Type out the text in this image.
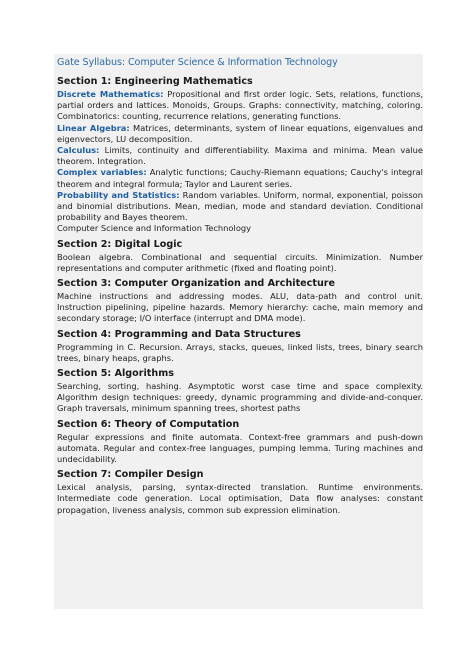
Gate Syllabus: Computer Science & Information Technology
Section 1: Engineering Mathematics
• Discrete Mathematics: Propositional and first order logic. Sets, relations, functions, partial orders and lattices. Monoids, Groups. Graphs: connectivity, matching, coloring. Combinatorics: counting, recurrence relations, generating functions.
• Linear Algebra: Matrices, determinants, system of linear equations, eigenvalues and eigenvectors, LU decomposition.
• Calculus: Limits, continuity and differentiability. Maxima and minima. Mean value theorem. Integration.
• Complex variables: Analytic functions; Cauchy-Riemann equations; Cauchy's integral theorem and integral formula; Taylor and Laurent series.
• Probability and Statistics: Random variables. Uniform, normal, exponential, poisson and binomial distributions. Mean, median, mode and standard deviation. Conditional probability and Bayes theorem.
• Computer Science and Information Technology
Section 2: Digital Logic
• Boolean algebra. Combinational and sequential circuits. Minimization. Number representations and computer arithmetic (fixed and floating point).
Section 3: Computer Organization and Architecture
• Machine instructions and addressing modes. ALU, data-path and control unit. Instruction pipelining, pipeline hazards. Memory hierarchy: cache, main memory and secondary storage; I/O interface (interrupt and DMA mode).
Section 4: Programming and Data Structures
• Programming in C. Recursion. Arrays, stacks, queues, linked lists, trees, binary search trees, binary heaps, graphs.
Section 5: Algorithms
• Searching, sorting, hashing. Asymptotic worst case time and space complexity. Algorithm design techniques: greedy, dynamic programming and divide-and-conquer. Graph traversals, minimum spanning trees, shortest paths
Section 6: Theory of Computation
• Regular expressions and finite automata. Context-free grammars and push-down automata. Regular and contex-free languages, pumping lemma. Turing machines and undecidability.
Section 7: Compiler Design
• Lexical analysis, parsing, syntax-directed translation. Runtime environments. Intermediate code generation. Local optimisation, Data flow analyses: constant propagation, liveness analysis, common sub expression elimination.
